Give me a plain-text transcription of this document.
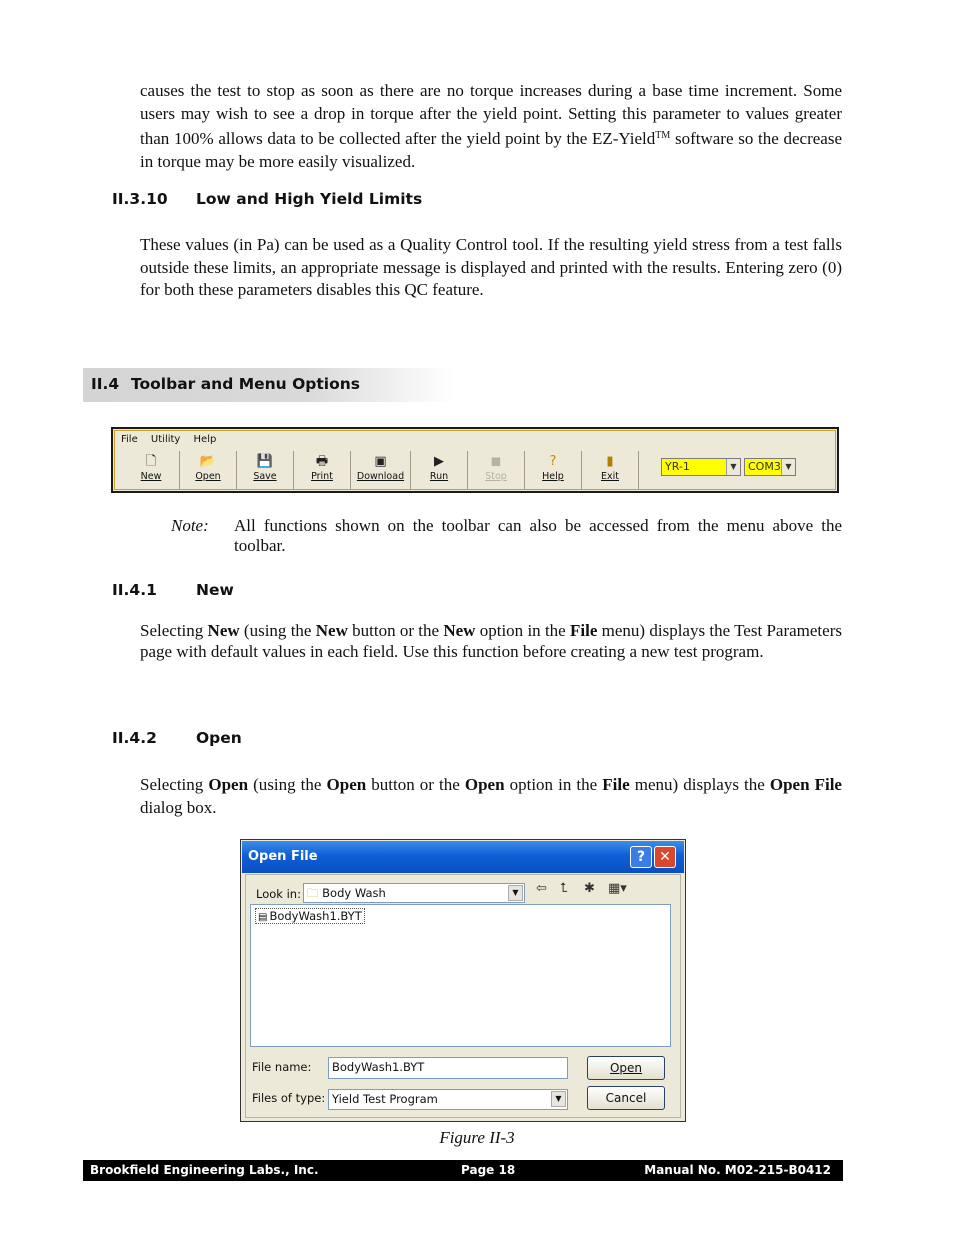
causes the test to stop as soon as there are no torque increases during a base time increment. Some users may wish to see a drop in torque after the yield point. Setting this parameter to values greater than 100% allows data to be collected after the yield point by the EZ-Yield™ software so the decrease in torque may be more easily visualized.
II.3.10 Low and High Yield Limits
These values (in Pa) can be used as a Quality Control tool. If the resulting yield stress from a test falls outside these limits, an appropriate message is displayed and printed with the results. Entering zero (0) for both these parameters disables this QC feature.
II.4 Toolbar and Menu Options
File Utility Help
🗋
New
📂
Open
💾
Save
🖶
Print
▣
Download
▶
Run
◼
Stop
?
Help
▮
Exit
YR-1	▼	COM3 ▼
Note: All functions shown on the toolbar can also be accessed from the menu above the toolbar.
II.4.1	New
Selecting New (using the New button or the New option in the File menu) displays the Test Parameters page with default values in each field. Use this function before creating a new test program.
II.4.2	Open
Selecting Open (using the Open button or the Open option in the File menu) displays the Open File dialog box.
Open File	?	✕
Look in: 🗀 Body Wash	▼	⇦ ⮤ ✱ ▦▾
File name:	BodyWash1.BYT
Files of type: Yield Test Program	▼
Open
Cancel
▤ BodyWash1.BYT
Figure II-3
Brookfield Engineering Labs., Inc.	Page 18	Manual No. M02-215-B0412
